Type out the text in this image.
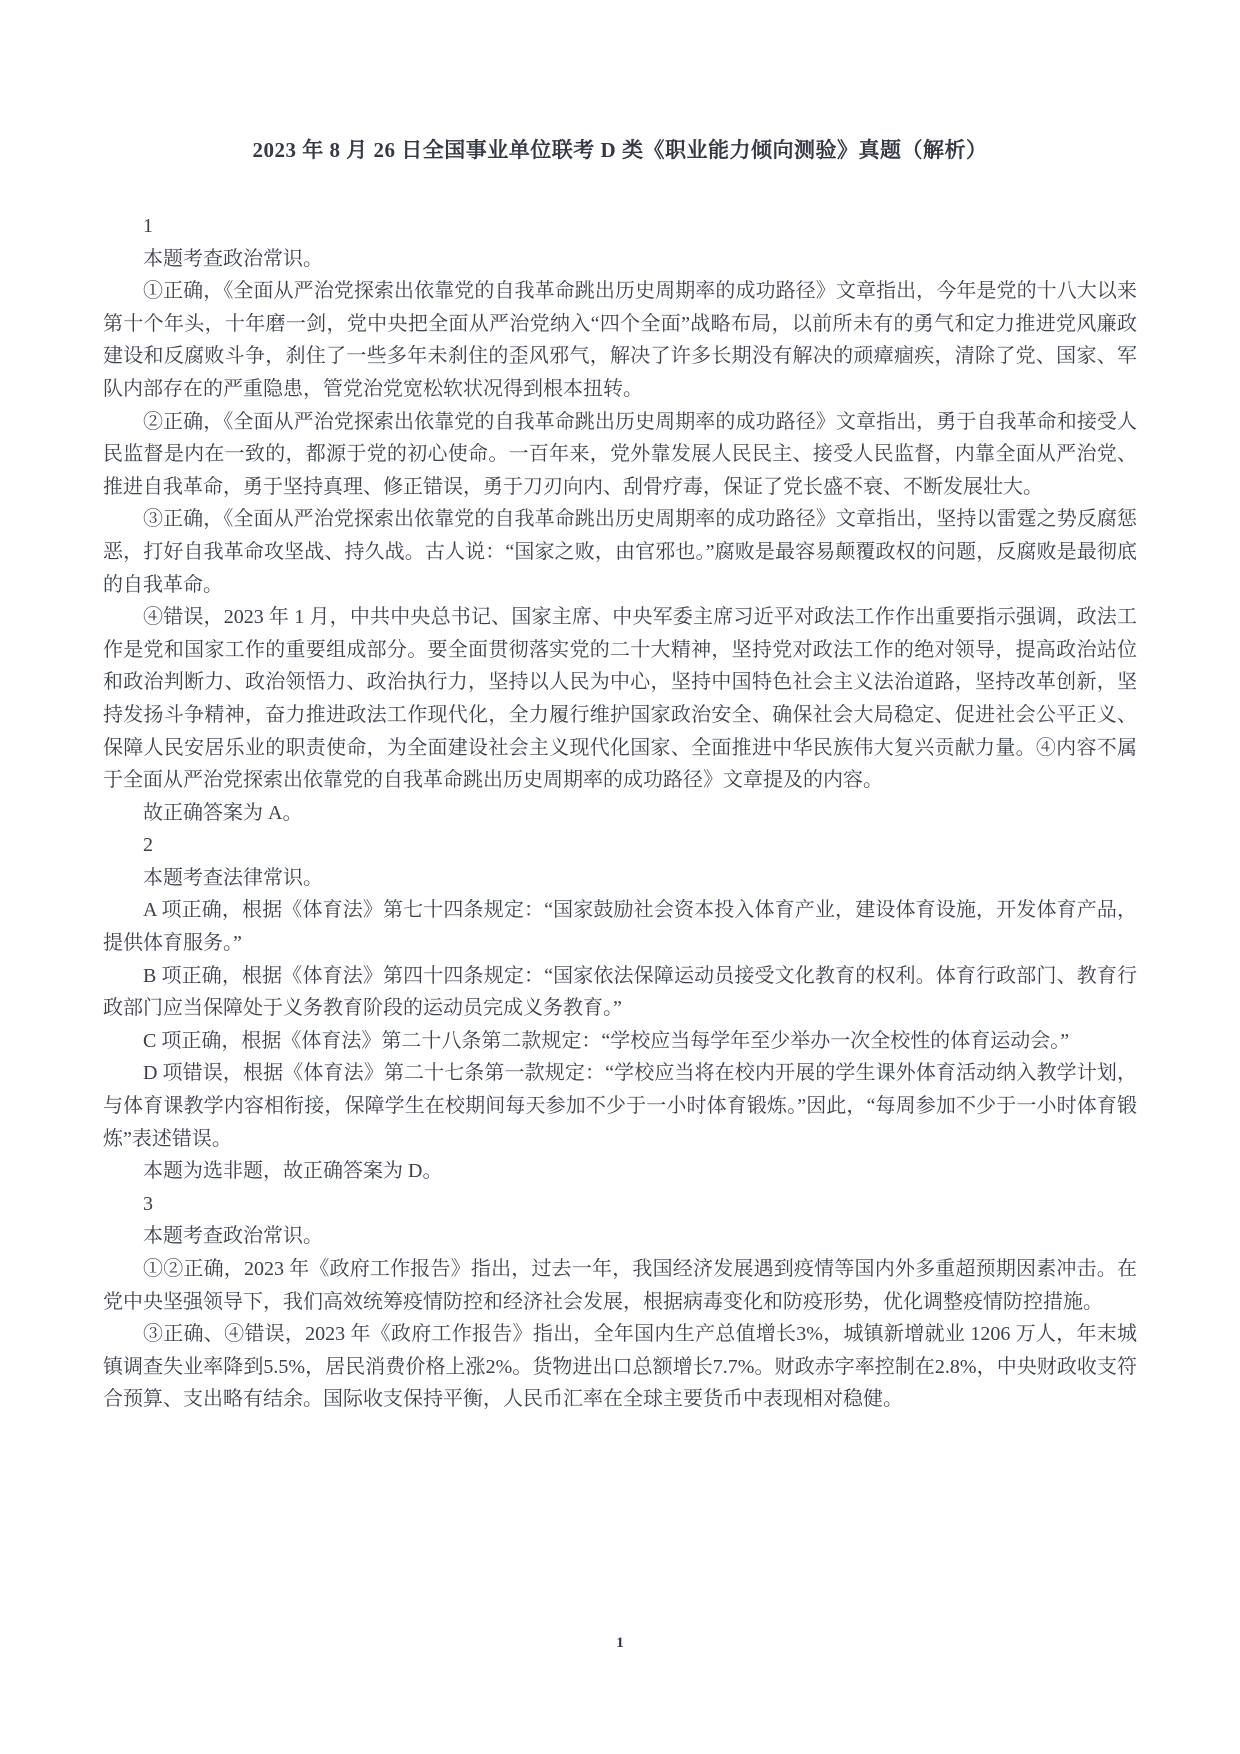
2023 年 8 月 26 日全国事业单位联考 D 类《职业能力倾向测验》真题（解析）

1

本题考查政治常识。

①正确，《全面从严治党探索出依靠党的自我革命跳出历史周期率的成功路径》文章指出，今年是党的十八大以来第十个年头，十年磨一剑，党中央把全面从严治党纳入“四个全面”战略布局，以前所未有的勇气和定力推进党风廉政建设和反腐败斗争，刹住了一些多年未刹住的歪风邪气，解决了许多长期没有解决的顽瘴痼疾，清除了党、国家、军队内部存在的严重隐患，管党治党宽松软状况得到根本扭转。

②正确，《全面从严治党探索出依靠党的自我革命跳出历史周期率的成功路径》文章指出，勇于自我革命和接受人民监督是内在一致的，都源于党的初心使命。一百年来，党外靠发展人民民主、接受人民监督，内靠全面从严治党、推进自我革命，勇于坚持真理、修正错误，勇于刀刃向内、刮骨疗毒，保证了党长盛不衰、不断发展壮大。

③正确，《全面从严治党探索出依靠党的自我革命跳出历史周期率的成功路径》文章指出，坚持以雷霆之势反腐惩恶，打好自我革命攻坚战、持久战。古人说：“国家之败，由官邪也。”腐败是最容易颠覆政权的问题，反腐败是最彻底的自我革命。

④错误，2023 年 1 月，中共中央总书记、国家主席、中央军委主席习近平对政法工作作出重要指示强调，政法工作是党和国家工作的重要组成部分。要全面贯彻落实党的二十大精神，坚持党对政法工作的绝对领导，提高政治站位和政治判断力、政治领悟力、政治执行力，坚持以人民为中心，坚持中国特色社会主义法治道路，坚持改革创新，坚持发扬斗争精神，奋力推进政法工作现代化，全力履行维护国家政治安全、确保社会大局稳定、促进社会公平正义、保障人民安居乐业的职责使命，为全面建设社会主义现代化国家、全面推进中华民族伟大复兴贡献力量。④内容不属于全面从严治党探索出依靠党的自我革命跳出历史周期率的成功路径》文章提及的内容。

故正确答案为 A。

2

本题考查法律常识。

A 项正确，根据《体育法》第七十四条规定：“国家鼓励社会资本投入体育产业，建设体育设施，开发体育产品，提供体育服务。”

B 项正确，根据《体育法》第四十四条规定：“国家依法保障运动员接受文化教育的权利。体育行政部门、教育行政部门应当保障处于义务教育阶段的运动员完成义务教育。”

C 项正确，根据《体育法》第二十八条第二款规定：“学校应当每学年至少举办一次全校性的体育运动会。”

D 项错误，根据《体育法》第二十七条第一款规定：“学校应当将在校内开展的学生课外体育活动纳入教学计划，与体育课教学内容相衔接，保障学生在校期间每天参加不少于一小时体育锻炼。”因此，“每周参加不少于一小时体育锻炼”表述错误。

本题为选非题，故正确答案为 D。

3

本题考查政治常识。

①②正确，2023 年《政府工作报告》指出，过去一年，我国经济发展遇到疫情等国内外多重超预期因素冲击。在党中央坚强领导下，我们高效统筹疫情防控和经济社会发展，根据病毒变化和防疫形势，优化调整疫情防控措施。

③正确、④错误，2023 年《政府工作报告》指出，全年国内生产总值增长3%，城镇新增就业 1206 万人，年末城镇调查失业率降到5.5%，居民消费价格上涨2%。货物进出口总额增长7.7%。财政赤字率控制在2.8%，中央财政收支符合预算、支出略有结余。国际收支保持平衡，人民币汇率在全球主要货币中表现相对稳健。

1
